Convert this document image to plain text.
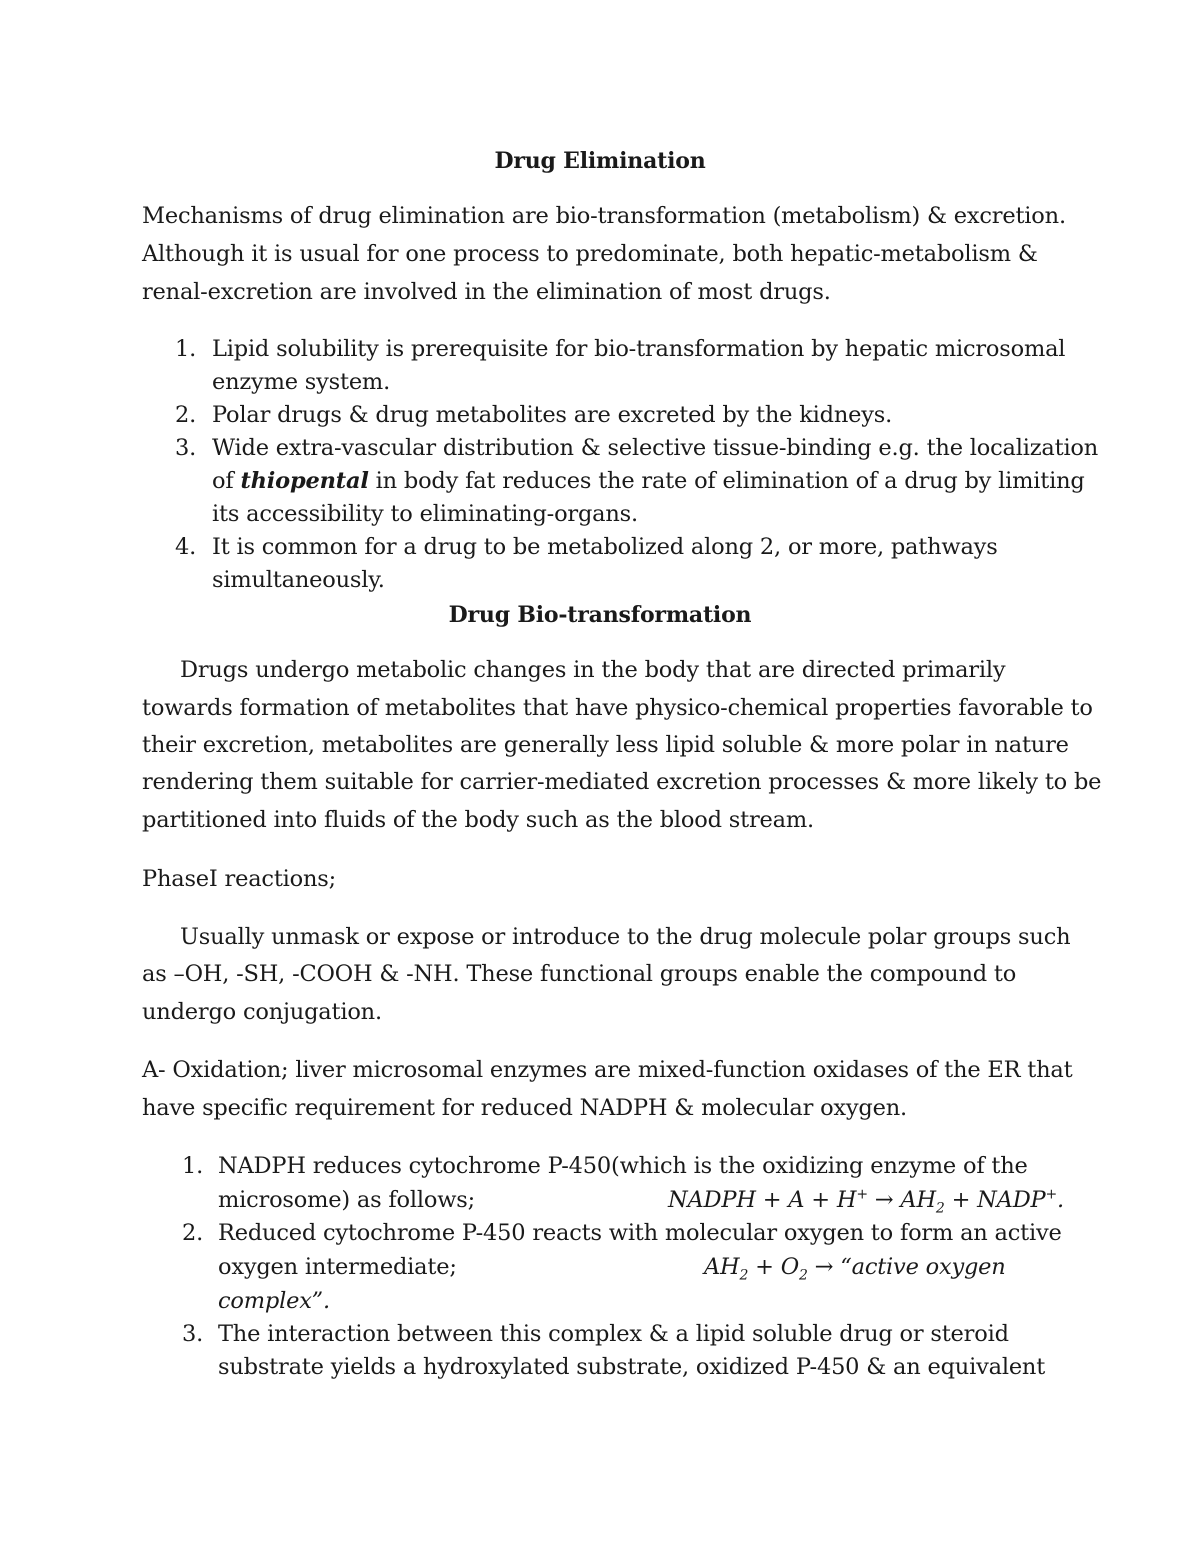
Drug Elimination
Mechanisms of drug elimination are bio-transformation (metabolism) & excretion.
Although it is usual for one process to predominate, both hepatic-metabolism &
renal-excretion are involved in the elimination of most drugs.
1. Lipid solubility is prerequisite for bio-transformation by hepatic microsomal
enzyme system.
2. Polar drugs & drug metabolites are excreted by the kidneys.
3. Wide extra-vascular distribution & selective tissue-binding e.g. the localization
of thiopental in body fat reduces the rate of elimination of a drug by limiting
its accessibility to eliminating-organs.
4. It is common for a drug to be metabolized along 2, or more, pathways
simultaneously.
Drug Bio-transformation
Drugs undergo metabolic changes in the body that are directed primarily
towards formation of metabolites that have physico-chemical properties favorable to
their excretion, metabolites are generally less lipid soluble & more polar in nature
rendering them suitable for carrier-mediated excretion processes & more likely to be
partitioned into fluids of the body such as the blood stream.
PhaseI reactions;
Usually unmask or expose or introduce to the drug molecule polar groups such
as –OH, -SH, -COOH & -NH. These functional groups enable the compound to
undergo conjugation.
A- Oxidation; liver microsomal enzymes are mixed-function oxidases of the ER that
have specific requirement for reduced NADPH & molecular oxygen.
1. NADPH reduces cytochrome P-450(which is the oxidizing enzyme of the
microsome) as follows;	NADPH + $A + H^+ \to AH_2$ + NADP+.
2. Reduced cytochrome P-450 reacts with molecular oxygen to form an active
oxygen intermediate;	$AH_2 + O_2$ → “active oxygen
complex”.
3. The interaction between this complex & a lipid soluble drug or steroid
substrate yields a hydroxylated substrate, oxidized P-450 & an equivalent
